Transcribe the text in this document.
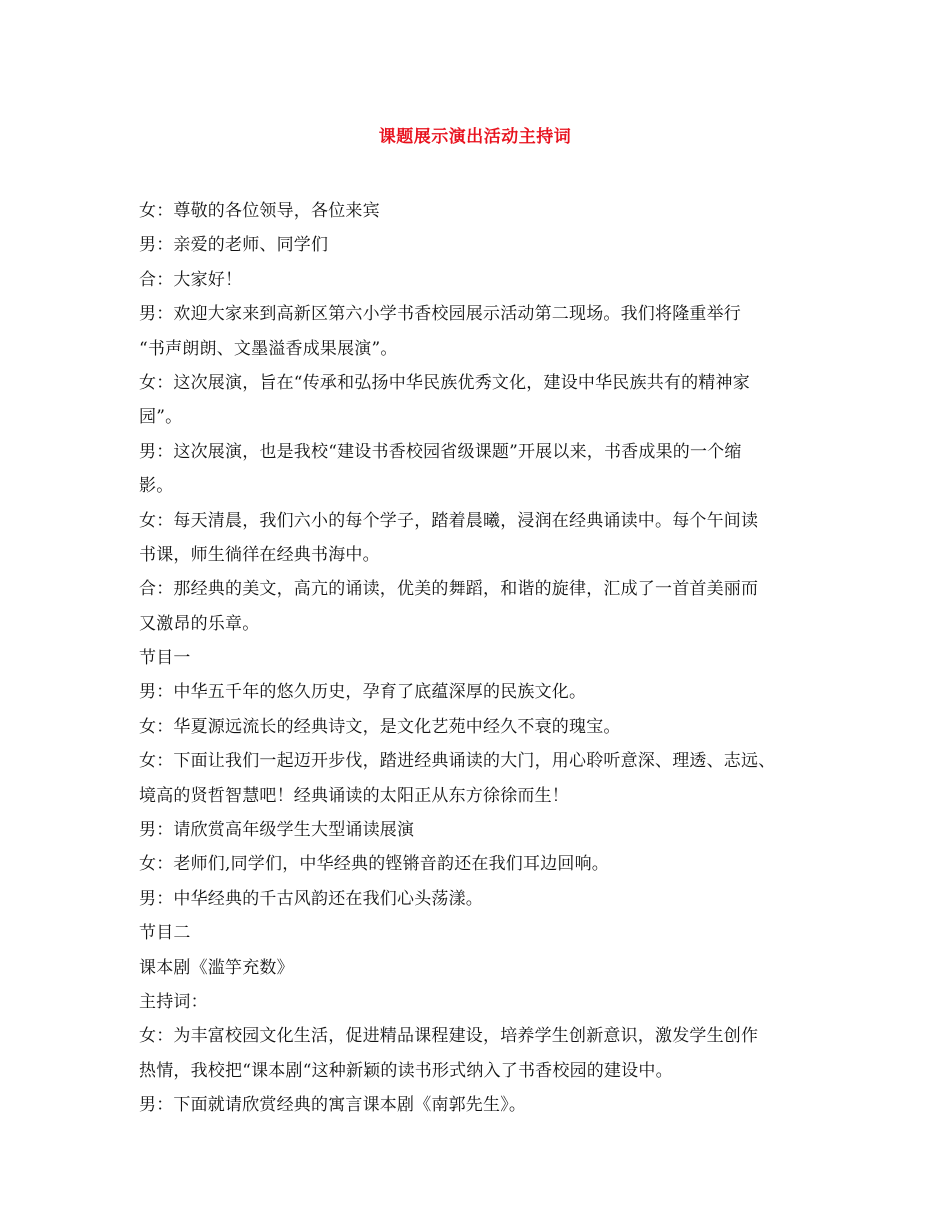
课题展示演出活动主持词
女：尊敬的各位领导，各位来宾
男：亲爱的老师、同学们
合：大家好！
男：欢迎大家来到高新区第六小学书香校园展示活动第二现场。我们将隆重举行
“书声朗朗、文墨溢香成果展演”。
女：这次展演，旨在“传承和弘扬中华民族优秀文化，建设中华民族共有的精神家
园”。
男：这次展演，也是我校“建设书香校园省级课题”开展以来，书香成果的一个缩
影。
女：每天清晨，我们六小的每个学子，踏着晨曦，浸润在经典诵读中。每个午间读
书课，师生徜徉在经典书海中。
合：那经典的美文，高亢的诵读，优美的舞蹈，和谐的旋律，汇成了一首首美丽而
又激昂的乐章。
节目一
男：中华五千年的悠久历史，孕育了底蕴深厚的民族文化。
女：华夏源远流长的经典诗文，是文化艺苑中经久不衰的瑰宝。
女：下面让我们一起迈开步伐，踏进经典诵读的大门，用心聆听意深、理透、志远、
境高的贤哲智慧吧！经典诵读的太阳正从东方徐徐而生！
男：请欣赏高年级学生大型诵读展演
女：老师们,同学们，中华经典的铿锵音韵还在我们耳边回响。
男：中华经典的千古风韵还在我们心头荡漾。
节目二
课本剧《滥竽充数》
主持词：
女：为丰富校园文化生活，促进精品课程建设，培养学生创新意识，激发学生创作
热情，我校把“课本剧“这种新颖的读书形式纳入了书香校园的建设中。
男：下面就请欣赏经典的寓言课本剧《南郭先生》。
